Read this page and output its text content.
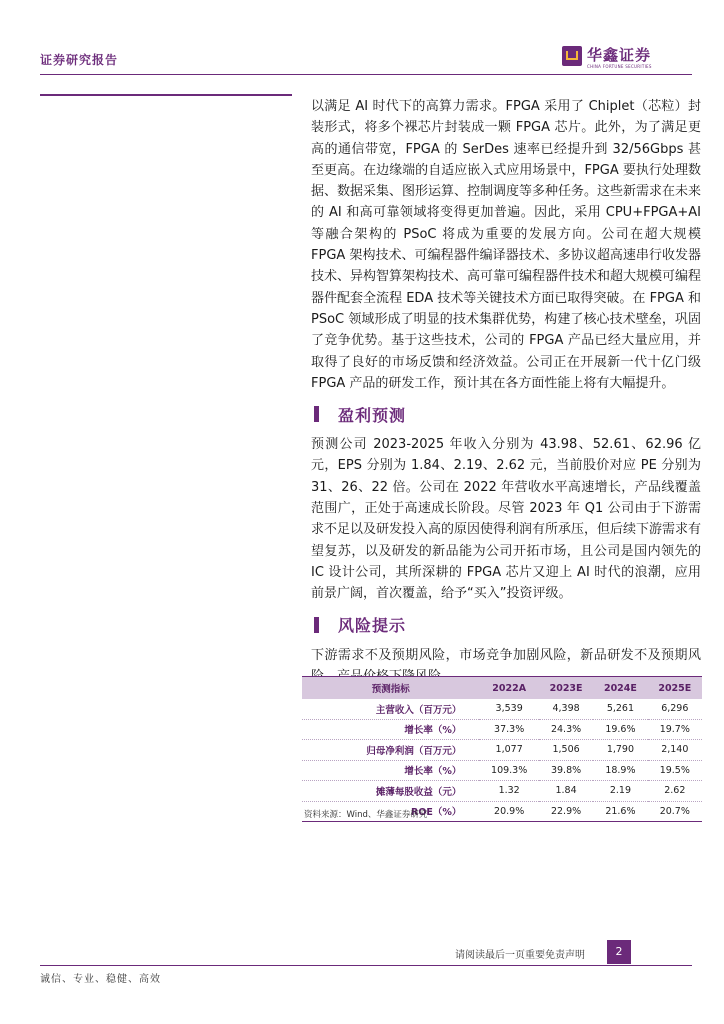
证券研究报告	华鑫证券
CHINA FORTUNE SECURITIES

以满足 AI 时代下的高算力需求。FPGA 采用了 Chiplet（芯粒）封装形式，将多个裸芯片封装成一颗 FPGA 芯片。此外，为了满足更高的通信带宽，FPGA 的 SerDes 速率已经提升到 32/56Gbps 甚至更高。在边缘端的自适应嵌入式应用场景中，FPGA 要执行处理数据、数据采集、图形运算、控制调度等多种任务。这些新需求在未来的 AI 和高可靠领域将变得更加普遍。因此，采用 CPU+FPGA+AI 等融合架构的 PSoC 将成为重要的发展方向。公司在超大规模 FPGA 架构技术、可编程器件编译器技术、多协议超高速串行收发器技术、异构智算架构技术、高可靠可编程器件技术和超大规模可编程器件配套全流程 EDA 技术等关键技术方面已取得突破。在 FPGA 和 PSoC 领域形成了明显的技术集群优势，构建了核心技术壁垒，巩固了竞争优势。基于这些技术，公司的 FPGA 产品已经大量应用，并取得了良好的市场反馈和经济效益。公司正在开展新一代十亿门级 FPGA 产品的研发工作，预计其在各方面性能上将有大幅提升。

盈利预测

预测公司 2023-2025 年收入分别为 43.98、52.61、62.96 亿元，EPS 分别为 1.84、2.19、2.62 元，当前股价对应 PE 分别为 31、26、22 倍。公司在 2022 年营收水平高速增长，产品线覆盖范围广，正处于高速成长阶段。尽管 2023 年 Q1 公司由于下游需求不足以及研发投入高的原因使得利润有所承压，但后续下游需求有望复苏，以及研发的新品能为公司开拓市场，且公司是国内领先的 IC 设计公司，其所深耕的 FPGA 芯片又迎上 AI 时代的浪潮，应用前景广阔，首次覆盖，给予“买入”投资评级。

风险提示

下游需求不及预期风险，市场竞争加剧风险，新品研发不及预期风

预测指标	2022A	2023E	2024E	2025E
主营收入（百万元）	3,539	4,398	5,261	6,296
增长率（%）	37.3%	24.3%	19.6%	19.7%
归母净利润（百万元）	1,077	1,506	1,790	2,140
增长率（%）	109.3%	39.8%	18.9%	19.5%
摊薄每股收益（元）	1.32	1.84	2.19	2.62
ROE（%）	20.9%	22.9%	21.6%	20.7%
资料来源：Wind、华鑫证券研究
请阅读最后一页重要免责声明	2
诚信、专业、稳健、高效
